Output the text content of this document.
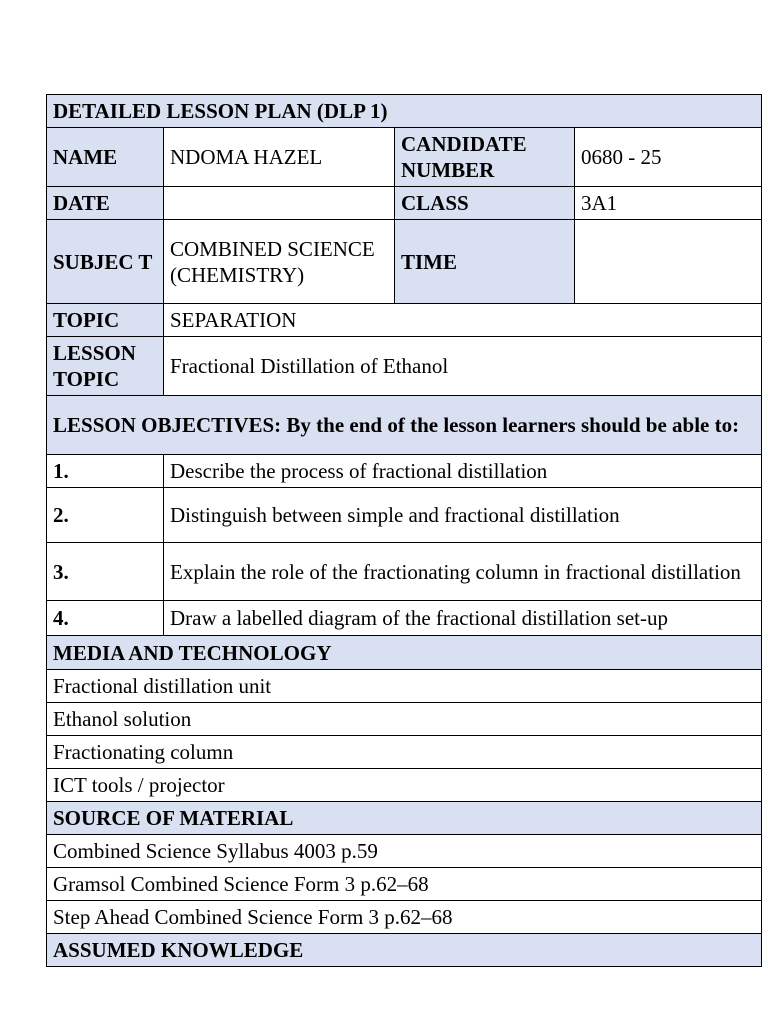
DETAILED LESSON PLAN (DLP 1)			
NAME	NDOMA HAZEL	CANDIDATE NUMBER	0680 - 25
DATE		CLASS	3A1
SUBJEC T	COMBINED SCIENCE (CHEMISTRY)	TIME	
TOPIC	SEPARATION		
LESSON TOPIC	Fractional Distillation of Ethanol		
LESSON OBJECTIVES: By the end of the lesson learners should be able to:			
1.	Describe the process of fractional distillation		
2.	Distinguish between simple and fractional distillation		
3.	Explain the role of the fractionating column in fractional distillation		
4.	Draw a labelled diagram of the fractional distillation set-up		
MEDIA AND TECHNOLOGY			
Fractional distillation unit			
Ethanol solution			
Fractionating column			
ICT tools / projector			
SOURCE OF MATERIAL			
Combined Science Syllabus 4003 p.59			
Gramsol Combined Science Form 3 p.62–68			
Step Ahead Combined Science Form 3 p.62–68			
ASSUMED KNOWLEDGE			
